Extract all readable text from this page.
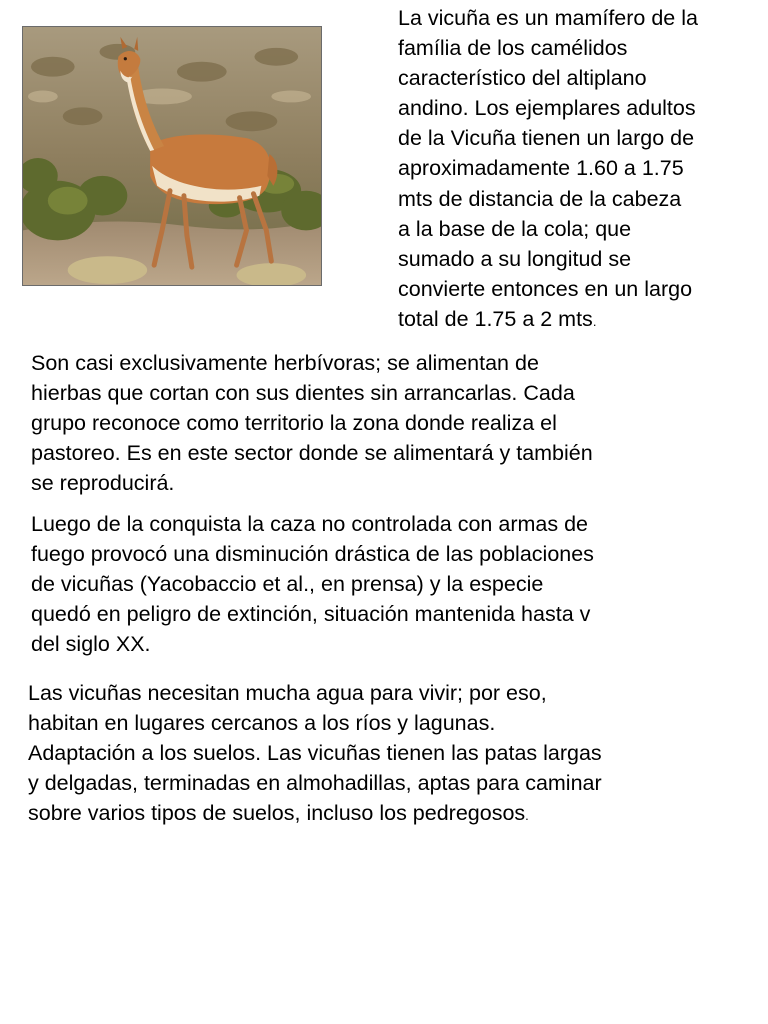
La vicuña es un mamífero de la
família de los camélidos
característico del altiplano
andino. Los ejemplares adultos
de la Vicuña tienen un largo de
aproximadamente 1.60 a 1.75
mts de distancia de la cabeza
a la base de la cola; que
sumado a su longitud se
convierte entonces en un largo
total de 1.75 a 2 mts.

Son casi exclusivamente herbívoras; se alimentan de
hierbas que cortan con sus dientes sin arrancarlas. Cada
grupo reconoce como territorio la zona donde realiza el
pastoreo. Es en este sector donde se alimentará y también
se reproducirá.

Luego de la conquista la caza no controlada con armas de
fuego provocó una disminución drástica de las poblaciones
de vicuñas (Yacobaccio et al., en prensa) y la especie
quedó en peligro de extinción, situación mantenida hasta v
del siglo XX.

Las vicuñas necesitan mucha agua para vivir; por eso,
habitan en lugares cercanos a los ríos y lagunas.
Adaptación a los suelos. Las vicuñas tienen las patas largas
y delgadas, terminadas en almohadillas, aptas para caminar
sobre varios tipos de suelos, incluso los pedregosos.
